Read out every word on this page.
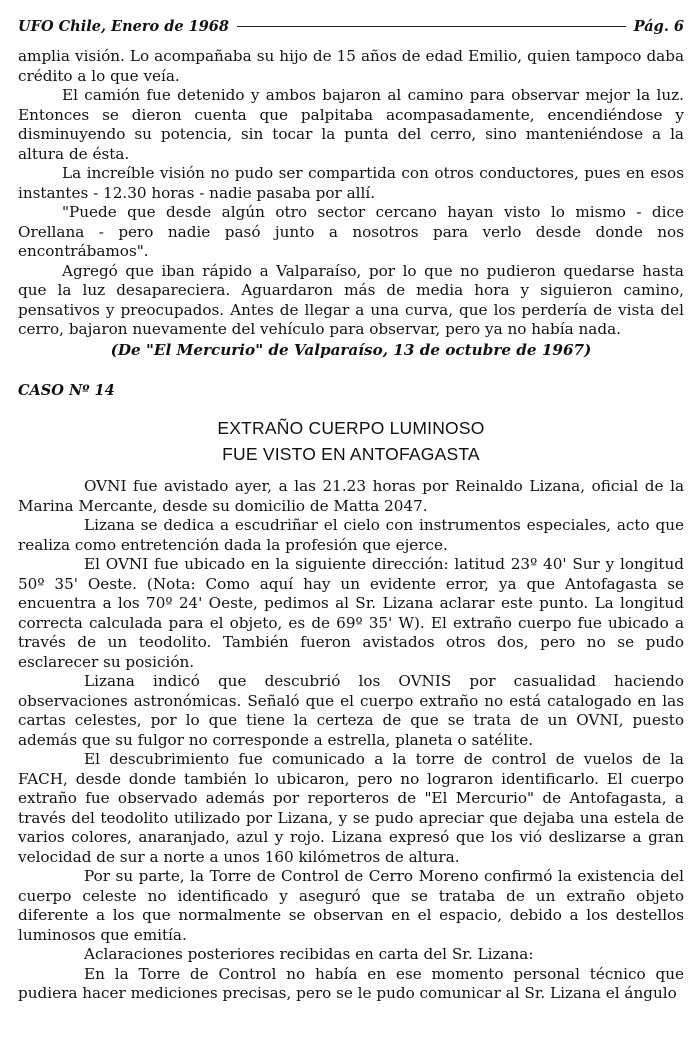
UFO Chile, Enero de 1968	Pág. 6

amplia visión. Lo acompañaba su hijo de 15 años de edad Emilio, quien tampoco daba crédito a lo que veía.

El camión fue detenido y ambos bajaron al camino para observar mejor la luz. Entonces se dieron cuenta que palpitaba acompasadamente, encendiéndose y disminuyendo su potencia, sin tocar la punta del cerro, sino manteniéndose a la altura de ésta.

La increíble visión no pudo ser compartida con otros conductores, pues en esos instantes - 12.30 horas - nadie pasaba por allí.

"Puede que desde algún otro sector cercano hayan visto lo mismo - dice Orellana - pero nadie pasó junto a nosotros para verlo desde donde nos encontrábamos".

Agregó que iban rápido a Valparaíso, por lo que no pudieron quedarse hasta que la luz desapareciera. Aguardaron más de media hora y siguieron camino, pensativos y preocupados. Antes de llegar a una curva, que los perdería de vista del cerro, bajaron nuevamente del vehículo para observar, pero ya no había nada.

(De "El Mercurio" de Valparaíso, 13 de octubre de 1967)

CASO Nº 14
EXTRAÑO CUERPO LUMINOSO
FUE VISTO EN ANTOFAGASTA

OVNI fue avistado ayer, a las 21.23 horas por Reinaldo Lizana, oficial de la Marina Mercante, desde su domicilio de Matta 2047.

Lizana se dedica a escudriñar el cielo con instrumentos especiales, acto que realiza como entretención dada la profesión que ejerce.

El OVNI fue ubicado en la siguiente dirección: latitud 23º 40' Sur y longitud 50º 35' Oeste. (Nota: Como aquí hay un evidente error, ya que Antofagasta se encuentra a los 70º 24' Oeste, pedimos al Sr. Lizana aclarar este punto. La longitud correcta calculada para el objeto, es de 69º 35' W). El extraño cuerpo fue ubicado a través de un teodolito. También fueron avistados otros dos, pero no se pudo esclarecer su posición.

Lizana indicó que descubrió los OVNIS por casualidad haciendo observaciones astronómicas. Señaló que el cuerpo extraño no está catalogado en las cartas celestes, por lo que tiene la certeza de que se trata de un OVNI, puesto además que su fulgor no corresponde a estrella, planeta o satélite.

El descubrimiento fue comunicado a la torre de control de vuelos de la FACH, desde donde también lo ubicaron, pero no lograron identificarlo. El cuerpo extraño fue observado además por reporteros de "El Mercurio" de Antofagasta, a través del teodolito utilizado por Lizana, y se pudo apreciar que dejaba una estela de varios colores, anaranjado, azul y rojo. Lizana expresó que los vió deslizarse a gran velocidad de sur a norte a unos 160 kilómetros de altura.

Por su parte, la Torre de Control de Cerro Moreno confirmó la existencia del cuerpo celeste no identificado y aseguró que se trataba de un extraño objeto diferente a los que normalmente se observan en el espacio, debido a los destellos luminosos que emitía.

Aclaraciones posteriores recibidas en carta del Sr. Lizana:

En la Torre de Control no había en ese momento personal técnico que pudiera hacer mediciones precisas, pero se le pudo comunicar al Sr. Lizana el ángulo
